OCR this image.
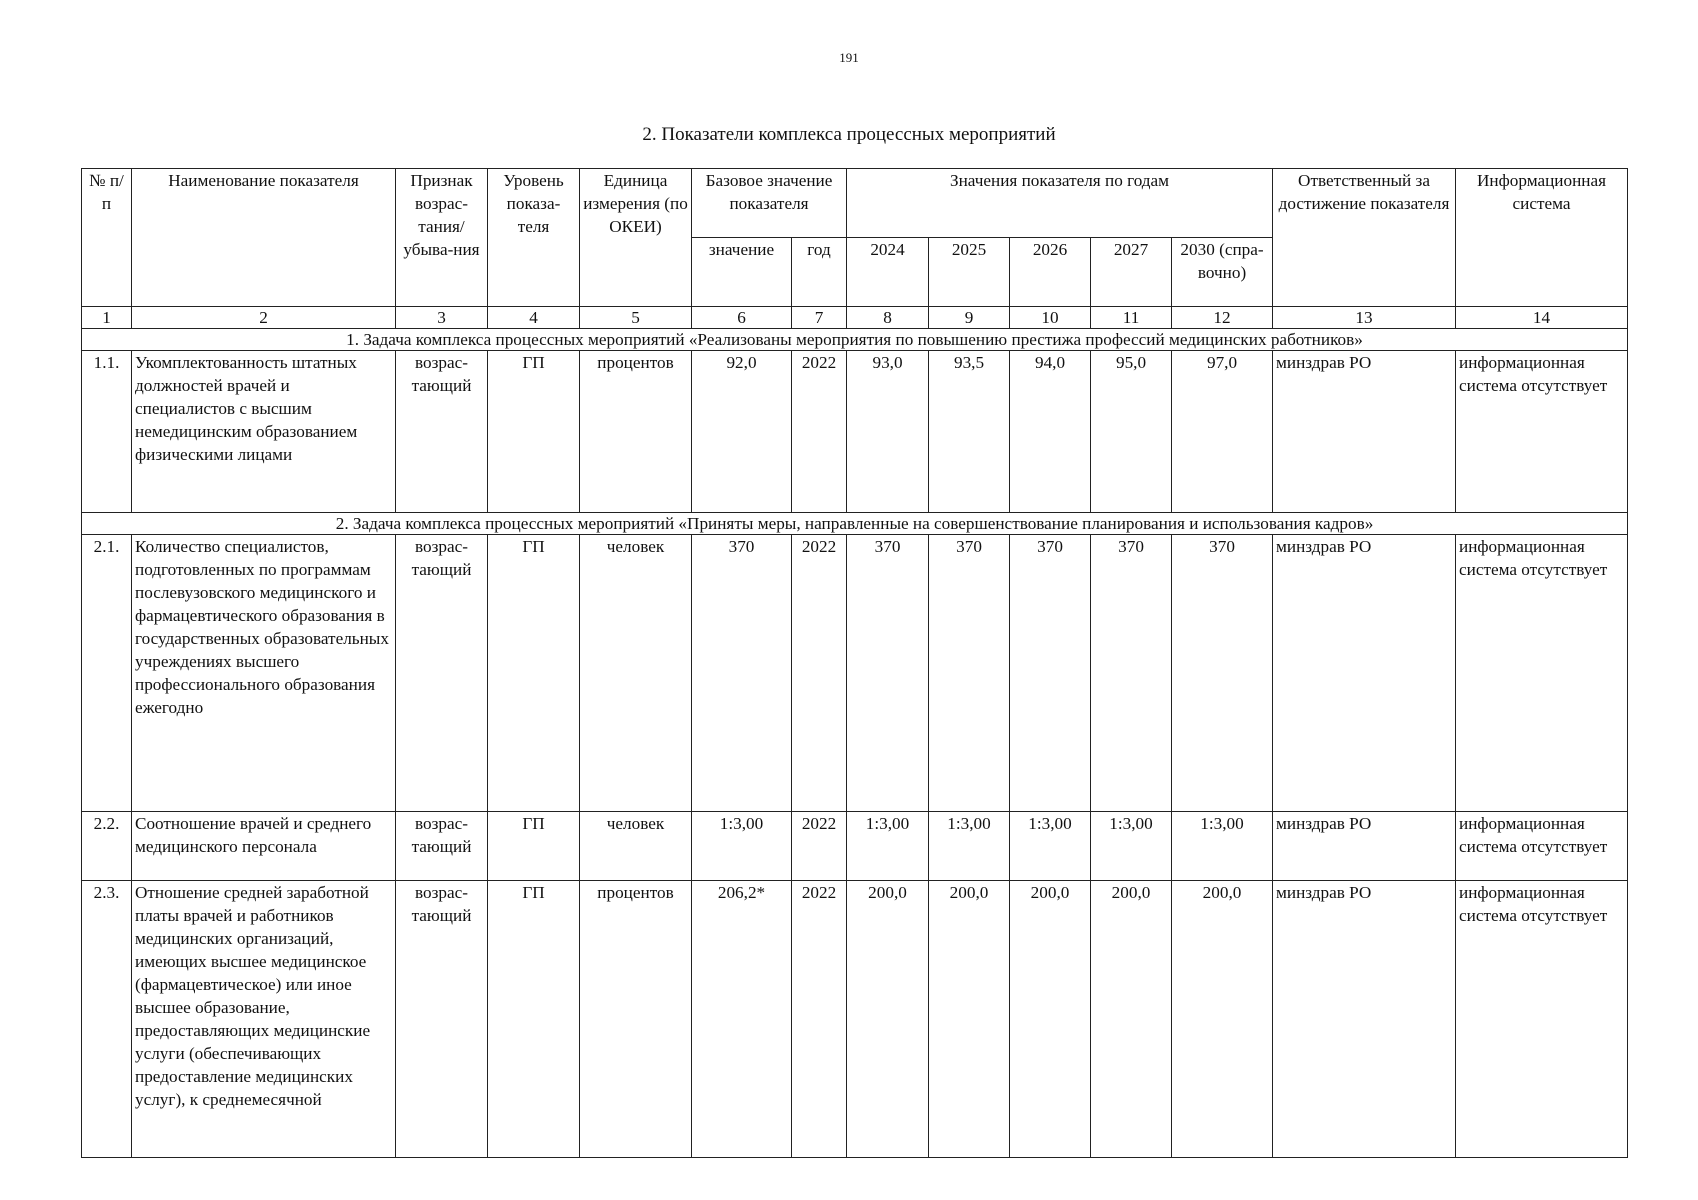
191
2. Показатели комплекса процессных мероприятий
№ п/п	Наименование показателя	Признак возрас-тания/ убыва-ния	Уровень показа-теля	Единица измерения (по ОКЕИ)	Базовое значение показателя		Значения показателя по годам					Ответственный за достижение показателя	Информационная система
					значение	год	2024	2025	2026	2027	2030 (спра-вочно)		
1	2	3	4	5	6	7	8	9	10	11	12	13	14
1. Задача комплекса процессных мероприятий «Реализованы мероприятия по повышению престижа профессий медицинских работников»													
1.1.	Укомплектованность штатных должностей врачей и специалистов с высшим немедицинским образованием физическими лицами	возрас-тающий	ГП	процентов	92,0	2022	93,0	93,5	94,0	95,0	97,0	минздрав РО	информационная система отсутствует
2. Задача комплекса процессных мероприятий «Приняты меры, направленные на совершенствование планирования и использования кадров»													
2.1.	Количество специалистов, подготовленных по программам послевузовского медицинского и фармацевтического образования в государственных образовательных учреждениях высшего профессионального образования ежегодно	возрас-тающий	ГП	человек	370	2022	370	370	370	370	370	минздрав РО	информационная система отсутствует
2.2.	Соотношение врачей и среднего медицинского персонала	возрас-тающий	ГП	человек	1:3,00	2022	1:3,00	1:3,00	1:3,00	1:3,00	1:3,00	минздрав РО	информационная система отсутствует
2.3.	Отношение средней заработной платы врачей и работников медицинских организаций, имеющих высшее медицинское (фармацевтическое) или иное высшее образование, предоставляющих медицинские услуги (обеспечивающих предоставление медицинских услуг), к среднемесячной	возрас-тающий	ГП	процентов	206,2*	2022	200,0	200,0	200,0	200,0	200,0	минздрав РО	информационная система отсутствует
